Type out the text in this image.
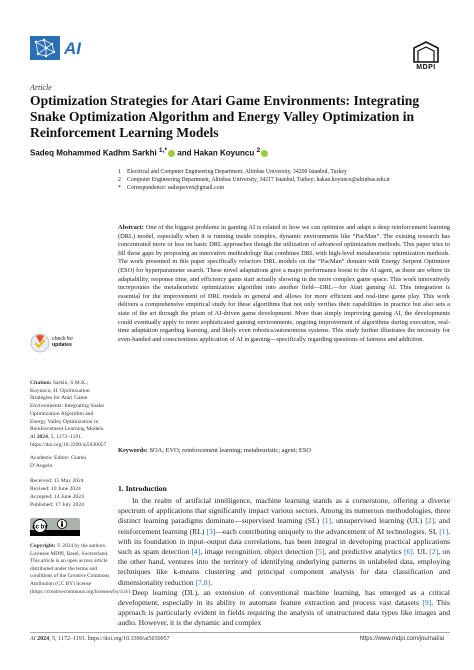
AI
MDPI
Article
Optimization Strategies for Atari Game Environments: Integrating Snake Optimization Algorithm and Energy Valley Optimization in Reinforcement Learning Models
Sadeq Mohammed Kadhm Sarkhi $^{1,*}$ and Hakan Koyuncu $^2$
1	Electrical and Computer Engineering Department, Altinbas University, 34200 Istanbul, Turkey
2	Computer Engineering Department, Altinbas University, 34217 Istanbul, Turkey; hakan.koyuncu@altinbas.edu.tr
*	Correspondence: sadeqseven@gmail.com
Abstract: One of the biggest problems in gaming AI is related to how we can optimize and adapt a deep reinforcement learning (DRL) model, especially when it is running inside complex, dynamic environments like “PacMan”. The existing research has concentrated more or less on basic DRL approaches though the utilization of advanced optimization methods. This paper tries to fill these gaps by proposing an innovative methodology that combines DRL with high-level metaheuristic optimization methods. The work presented in this paper specifically refactors DRL models on the “PacMan” domain with Energy Serpent Optimizer (ESO) for hyperparameter search. These novel adaptations give a major performance boost to the AI agent, as these are where its adaptability, response time, and efficiency gains start actually showing in the more complex game space. This work innovatively incorporates the metaheuristic optimization algorithm into another field—DRL—for Atari gaming AI. This integration is essential for the improvement of DRL models in general and allows for more efficient and real-time game play. This work delivers a comprehensive empirical study for these algorithms that not only verifies their capabilities in practice but also sets a state of the art through the prism of AI-driven game development. More than simply improving gaming AI, the developments could eventually apply to more sophisticated gaming environments, ongoing improvement of algorithms during execution, real-time adaptation regarding learning, and likely even robotics/autonomous systems. This study further illustrates the necessity for even-handed and conscientious application of AI in gaming—specifically regarding questions of fairness and addiction.
Keywords: SOA; EVO; reinforcement learning; metaheuristic; agent; ESO
check for
updates

Citation: Sarkhi, S.M.K.; Koyuncu, H. Optimization Strategies for Atari Game Environments: Integrating Snake Optimization Algorithm and Energy Valley Optimization in Reinforcement Learning Models. AI 2024, 5, 1172–1191. https://doi.org/10.3390/ai5030057

Academic Editor: Gianni D’Angelo

Received: 15 May 2024
Revised: 10 June 2024
Accepted: 14 June 2024
Published: 17 July 2024
cc by
Copyright: © 2024 by the authors. Licensee MDPI, Basel, Switzerland. This article is an open access article distributed under the terms and conditions of the Creative Commons Attribution (CC BY) license (https://creativecommons.org/licenses/by/4.0/).
1. Introduction

In the realm of artificial intelligence, machine learning stands as a cornerstone, offering a diverse spectrum of applications that significantly impact various sectors. Among its numerous methodologies, three distinct learning paradigms dominate—supervised learning (SL) [1], unsupervised learning (UL) [2], and reinforcement learning (RL) [3]—each contributing uniquely to the advancement of AI technologies. SL [1], with its foundation in input–output data correlations, has been integral in developing practical applications such as spam detection [4], image recognition, object detection [5], and predictive analytics [6]. UL [2], on the other hand, ventures into the territory of identifying underlying patterns in unlabeled data, employing techniques like k-means clustering and principal component analysis for data classification and dimensionality reduction [7,8].

Deep learning (DL), an extension of conventional machine learning, has emerged as a critical development, especially in its ability to automate feature extraction and process vast datasets [9]. This approach is particularly evident in fields requiring the analysis of unstructured data types like images and audio. However, it is the dynamic and complex

AI 2024, 5, 1172–1191. https://doi.org/10.3390/ai5030057	https://www.mdpi.com/journal/ai
